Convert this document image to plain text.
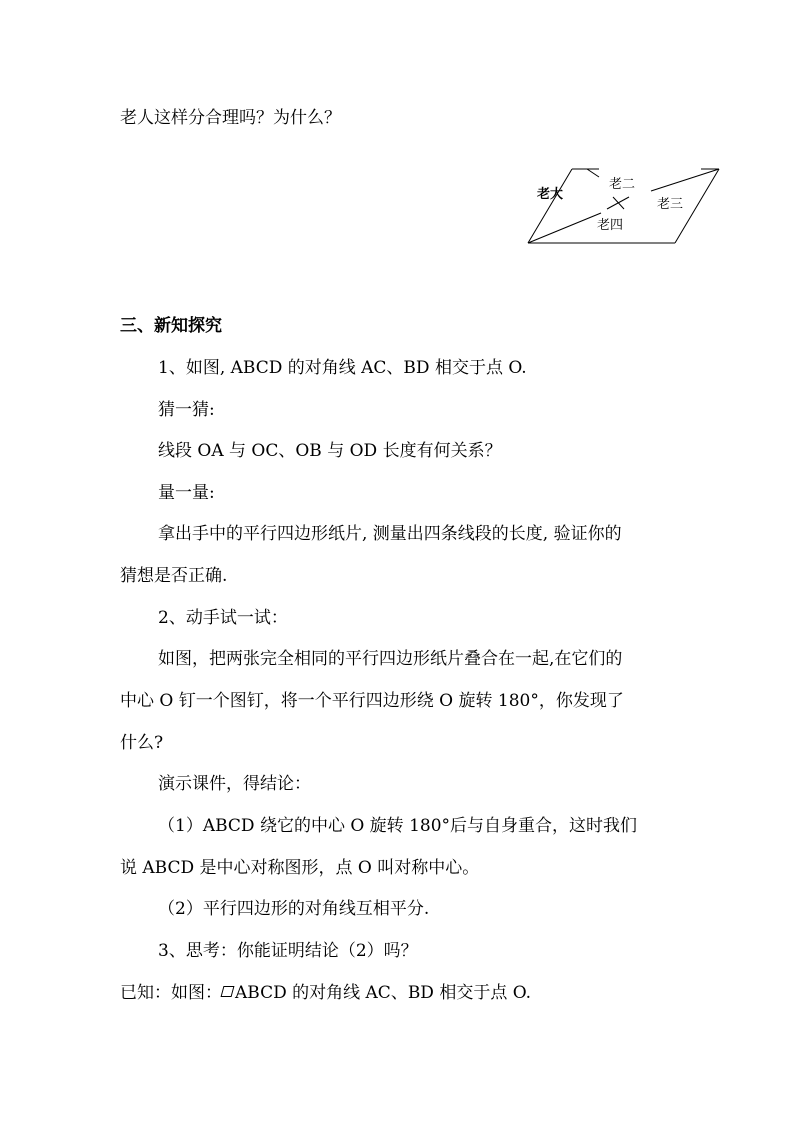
老人这样分合理吗？为什么？
老大
老二
老三
老四
三、新知探究
1、如图, ABCD 的对角线 AC、BD 相交于点 O.
猜一猜:
线段 OA 与 OC、OB 与 OD 长度有何关系？
量一量:
拿出手中的平行四边形纸片, 测量出四条线段的长度, 验证你的
猜想是否正确.
2、动手试一试：
如图，把两张完全相同的平行四边形纸片叠合在一起,在它们的
中心 O 钉一个图钉，将一个平行四边形绕 O 旋转 180°，你发现了
什么?
演示课件，得结论：
（1）ABCD 绕它的中心 O 旋转 180°后与自身重合，这时我们
说 ABCD 是中心对称图形，点 O 叫对称中心。
（2）平行四边形的对角线互相平分.
3、思考：你能证明结论（2）吗？
已知：如图： ABCD 的对角线 AC、BD 相交于点 O.
